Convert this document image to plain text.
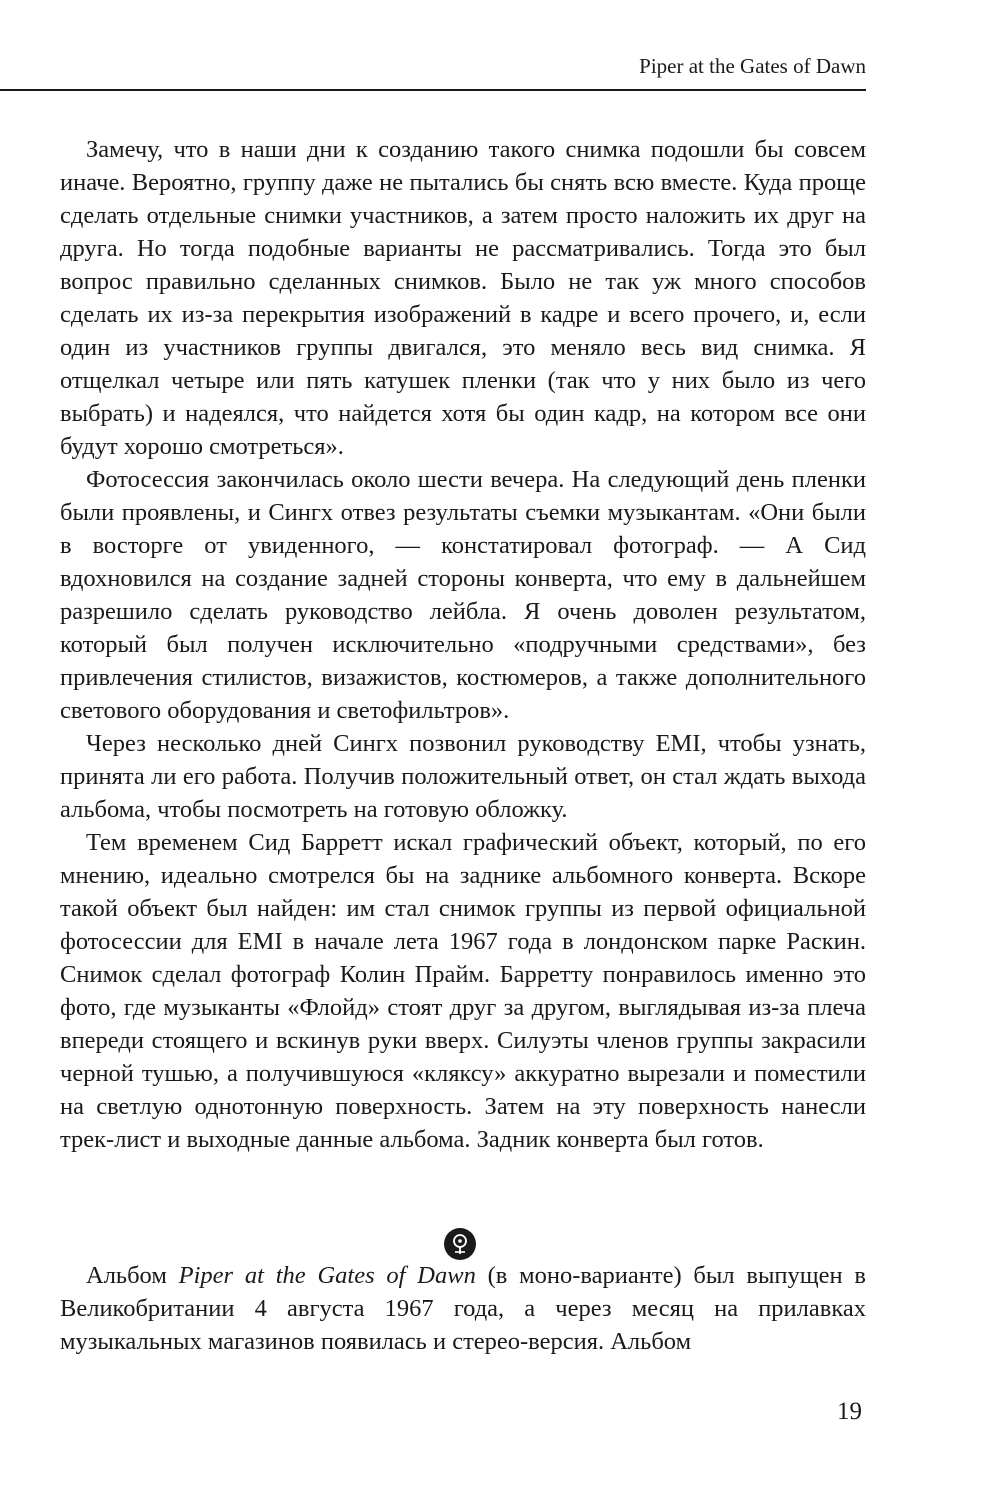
Piper at the Gates of Dawn

Замечу, что в наши дни к созданию такого снимка подошли бы совсем иначе. Вероятно, группу даже не пытались бы снять всю вместе. Куда проще сделать отдельные снимки участников, а затем просто наложить их друг на друга. Но тогда подобные варианты не рассматривались. Тогда это был вопрос правильно сделанных снимков. Было не так уж много способов сделать их из-за перекрытия изображений в кадре и всего прочего, и, если один из участников группы двигался, это меняло весь вид снимка. Я отщелкал четыре или пять катушек пленки (так что у них было из чего выбрать) и надеялся, что найдется хотя бы один кадр, на котором все они будут хорошо смотреться».

Фотосессия закончилась около шести вечера. На следующий день пленки были проявлены, и Сингх отвез результаты съемки музыкантам. «Они были в восторге от увиденного, — констатировал фотограф. — А Сид вдохновился на создание задней стороны конверта, что ему в дальнейшем разрешило сделать руководство лейбла. Я очень доволен результатом, который был получен исключительно «подручными средствами», без привлечения стилистов, визажистов, костюмеров, а также дополнительного светового оборудования и светофильтров».

Через несколько дней Сингх позвонил руководству EMI, чтобы узнать, принята ли его работа. Получив положительный ответ, он стал ждать выхода альбома, чтобы посмотреть на готовую обложку.

Тем временем Сид Барретт искал графический объект, который, по его мнению, идеально смотрелся бы на заднике альбомного конверта. Вскоре такой объект был найден: им стал снимок группы из первой официальной фотосессии для EMI в начале лета 1967 года в лондонском парке Раскин. Снимок сделал фотограф Колин Прайм. Барретту понравилось именно это фото, где музыканты «Флойд» стоят друг за другом, выглядывая из-за плеча впереди стоящего и вскинув руки вверх. Силуэты членов группы закрасили черной тушью, а получившуюся «кляксу» аккуратно вырезали и поместили на светлую однотонную поверхность. Затем на эту поверхность нанесли трек-лист и выходные данные альбома. Задник конверта был готов.

Альбом Piper at the Gates of Dawn (в моно-варианте) был выпущен в Великобритании 4 августа 1967 года, а через месяц на прилавках музыкальных магазинов появилась и стерео-версия. Альбом

19
